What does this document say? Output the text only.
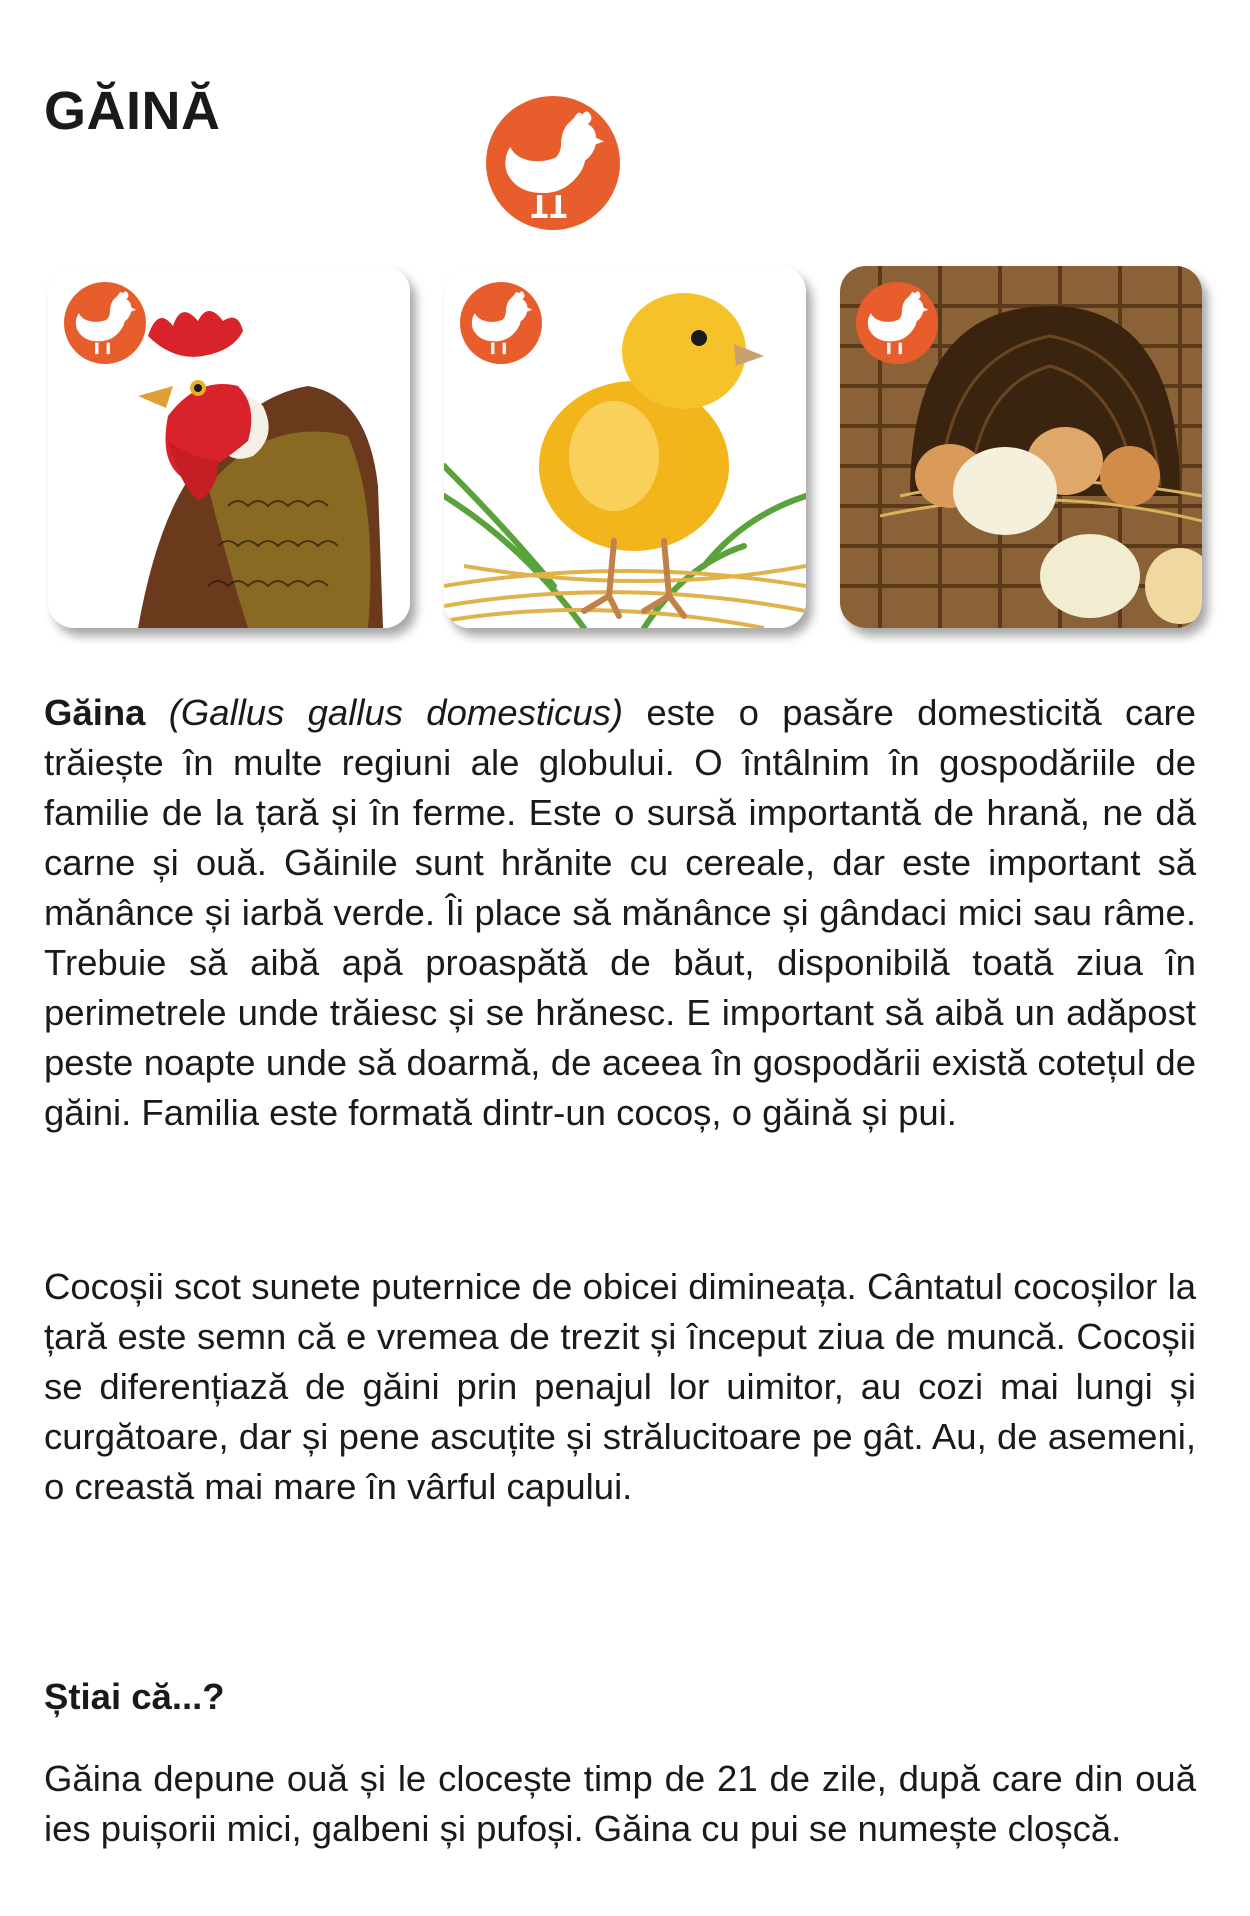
GĂINĂ

Găina (Gallus gallus domesticus) este o pasăre domesticită care trăiește în multe regiuni ale globului. O întâlnim în gospodăriile de familie de la țară și în ferme. Este o sursă importantă de hrană, ne dă carne și ouă. Găinile sunt hrănite cu cereale, dar este important să mănânce și iarbă verde. Îi place să mănânce și gândaci mici sau râme. Trebuie să aibă apă proaspătă de băut, disponibilă toată ziua în perimetrele unde trăiesc și se hrănesc. E important să aibă un adăpost peste noapte unde să doarmă, de aceea în gospodării există cotețul de găini. Familia este formată dintr-un cocoș, o găină și pui.

Cocoșii scot sunete puternice de obicei dimineața. Cântatul cocoșilor la țară este semn că e vremea de trezit și început ziua de muncă. Cocoșii se diferențiază de găini prin penajul lor uimitor, au cozi mai lungi și curgătoare, dar și pene ascuțite și strălucitoare pe gât. Au, de asemeni, o creastă mai mare în vârful capului.

Știai că...?

Găina depune ouă și le clocește timp de 21 de zile, după care din ouă ies puișorii mici, galbeni și pufoși. Găina cu pui se numește cloșcă.
